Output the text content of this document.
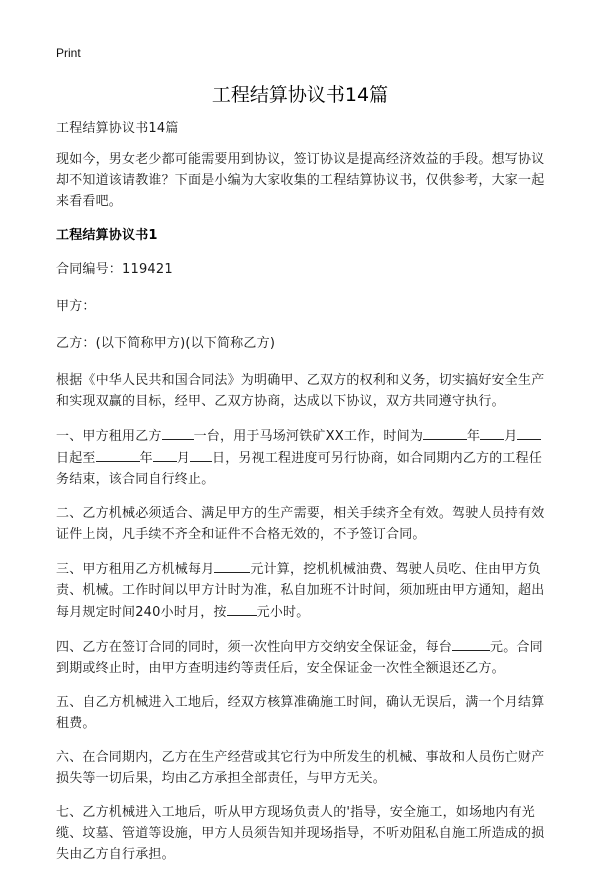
Print
工程结算协议书14篇

工程结算协议书14篇

现如今，男女老少都可能需要用到协议，签订协议是提高经济效益的手段。想写协议却不知道该请教谁？下面是小编为大家收集的工程结算协议书，仅供参考，大家一起来看看吧。

工程结算协议书1

合同编号：119421

甲方：

乙方：(以下简称甲方)(以下简称乙方)

根据《中华人民共和国合同法》为明确甲、乙双方的权利和义务，切实搞好安全生产和实现双赢的目标，经甲、乙双方协商，达成以下协议，双方共同遵守执行。

一、甲方租用乙方 一台，用于马场河铁矿XX工作，时间为	年 月日起至	年 月 日，另视工程进度可另行协商，如合同期内乙方的工程任务结束，该合同自行终止。

二、乙方机械必须适合、满足甲方的生产需要，相关手续齐全有效。驾驶人员持有效证件上岗，凡手续不齐全和证件不合格无效的，不予签订合同。

三、甲方租用乙方机械每月	元计算，挖机机械油费、驾驶人员吃、住由甲方负责、机械。工作时间以甲方计时为准，私自加班不计时间，须加班由甲方通知，超出每月规定时间240小时月，按 元小时。

四、乙方在签订合同的同时，须一次性向甲方交纳安全保证金，每台	元。合同到期或终止时，由甲方查明违约等责任后，安全保证金一次性全额退还乙方。

五、自乙方机械进入工地后，经双方核算准确施工时间，确认无误后，满一个月结算租费。

六、在合同期内，乙方在生产经营或其它行为中所发生的机械、事故和人员伤亡财产损失等一切后果，均由乙方承担全部责任，与甲方无关。

七、乙方机械进入工地后，听从甲方现场负责人的'指导，安全施工，如场地内有光缆、坟墓、管道等设施，甲方人员须告知并现场指导，不听劝阻私自施工所造成的损失由乙方自行承担。
